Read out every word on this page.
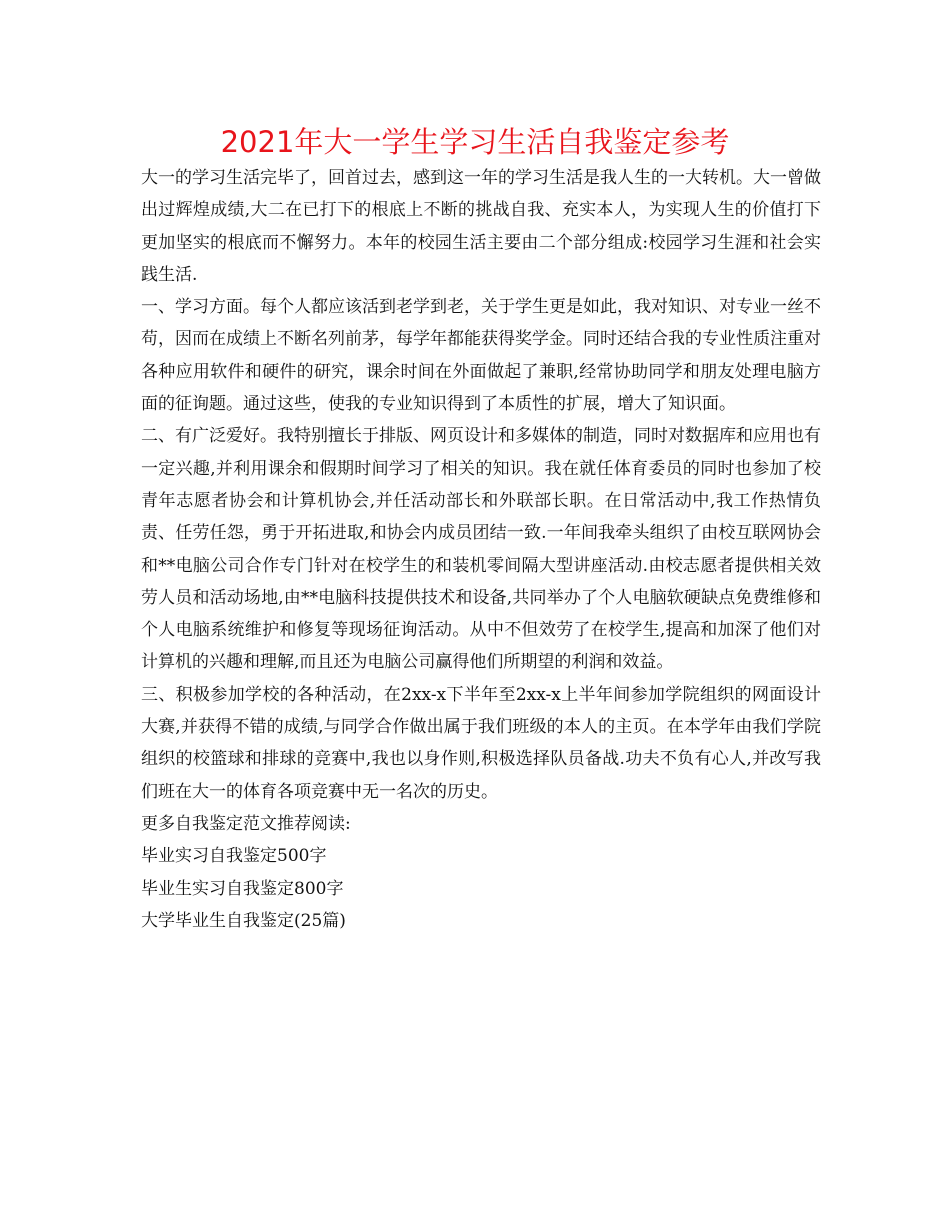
2021年大一学生学习生活自我鉴定参考

大一的学习生活完毕了，回首过去，感到这一年的学习生活是我人生的一大转机。大一曾做出过辉煌成绩,大二在已打下的根底上不断的挑战自我、充实本人，为实现人生的价值打下更加坚实的根底而不懈努力。本年的校园生活主要由二个部分组成:校园学习生涯和社会实践生活.

一、学习方面。每个人都应该活到老学到老，关于学生更是如此，我对知识、对专业一丝不苟，因而在成绩上不断名列前茅，每学年都能获得奖学金。同时还结合我的专业性质注重对各种应用软件和硬件的研究，课余时间在外面做起了兼职,经常协助同学和朋友处理电脑方面的征询题。通过这些，使我的专业知识得到了本质性的扩展，增大了知识面。

二、有广泛爱好。我特别擅长于排版、网页设计和多媒体的制造，同时对数据库和应用也有一定兴趣,并利用课余和假期时间学习了相关的知识。我在就任体育委员的同时也参加了校青年志愿者协会和计算机协会,并任活动部长和外联部长职。在日常活动中,我工作热情负责、任劳任怨，勇于开拓进取,和协会内成员团结一致.一年间我牵头组织了由校互联网协会和**电脑公司合作专门针对在校学生的和装机零间隔大型讲座活动.由校志愿者提供相关效劳人员和活动场地,由**电脑科技提供技术和设备,共同举办了个人电脑软硬缺点免费维修和个人电脑系统维护和修复等现场征询活动。从中不但效劳了在校学生,提高和加深了他们对计算机的兴趣和理解,而且还为电脑公司赢得他们所期望的利润和效益。

三、积极参加学校的各种活动，在2xx-x下半年至2xx-x上半年间参加学院组织的网面设计大赛,并获得不错的成绩,与同学合作做出属于我们班级的本人的主页。在本学年由我们学院组织的校篮球和排球的竞赛中,我也以身作则,积极选择队员备战.功夫不负有心人,并改写我们班在大一的体育各项竞赛中无一名次的历史。

更多自我鉴定范文推荐阅读:

毕业实习自我鉴定500字

毕业生实习自我鉴定800字

大学毕业生自我鉴定(25篇)
